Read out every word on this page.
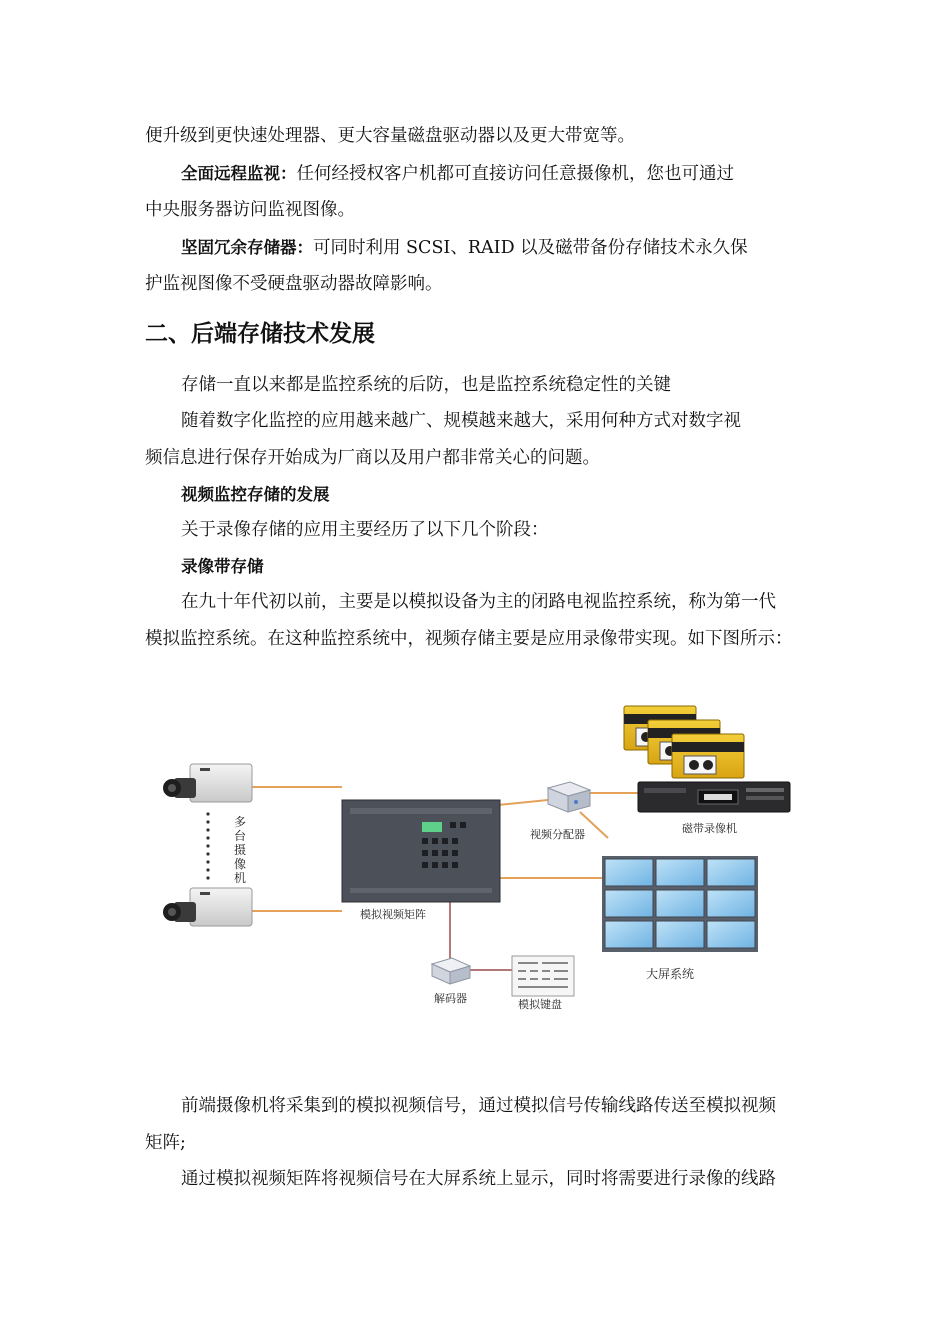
便升级到更快速处理器、更大容量磁盘驱动器以及更大带宽等。
全面远程监视：任何经授权客户机都可直接访问任意摄像机，您也可通过
中央服务器访问监视图像。
坚固冗余存储器：可同时利用 SCSI、RAID 以及磁带备份存储技术永久保
护监视图像不受硬盘驱动器故障影响。
二、后端存储技术发展
存储一直以来都是监控系统的后防，也是监控系统稳定性的关键
随着数字化监控的应用越来越广、规模越来越大，采用何种方式对数字视
频信息进行保存开始成为厂商以及用户都非常关心的问题。
视频监控存储的发展
关于录像存储的应用主要经历了以下几个阶段：
录像带存储
在九十年代初以前，主要是以模拟设备为主的闭路电视监控系统，称为第一代
模拟监控系统。在这种监控系统中，视频存储主要是应用录像带实现。如下图所示：
多台摄像机
模拟视频矩阵
视频分配器	磁带录像机
大屏系统
解码器	模拟键盘
前端摄像机将采集到的模拟视频信号，通过模拟信号传输线路传送至模拟视频
矩阵;
通过模拟视频矩阵将视频信号在大屏系统上显示，同时将需要进行录像的线路
